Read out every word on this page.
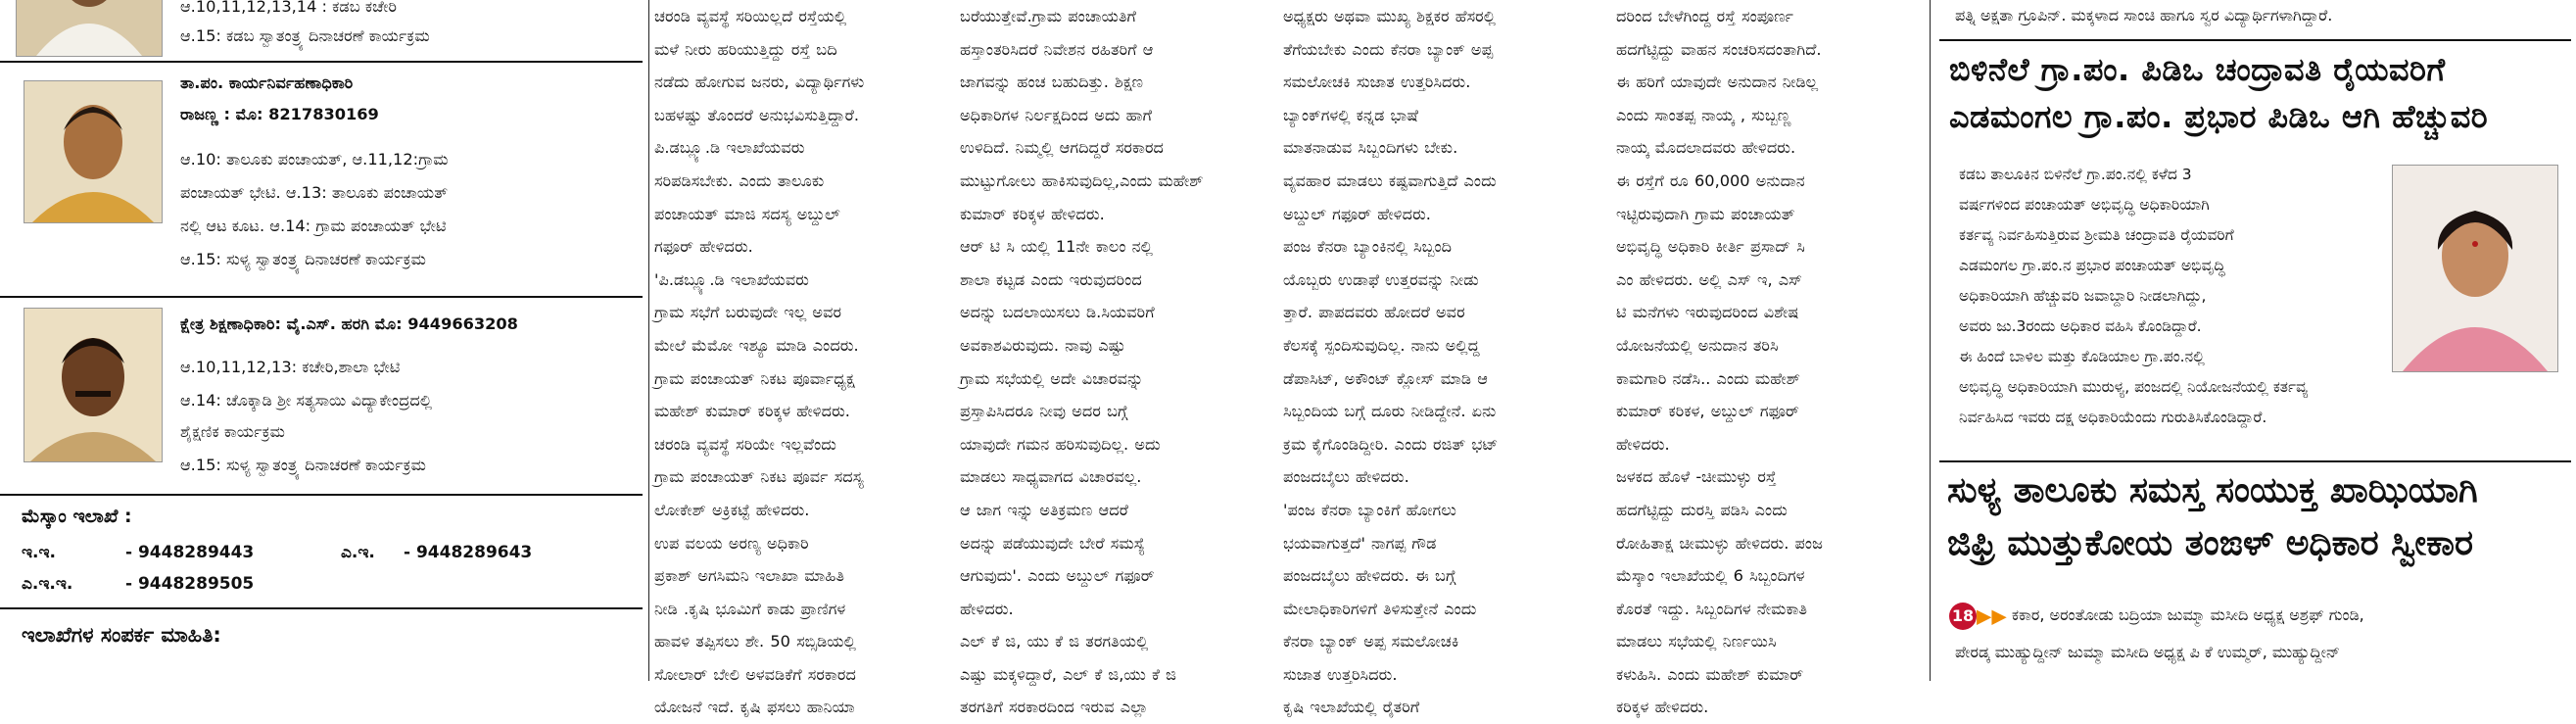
ಆ.10,11,12,13,14 : ಕಡಬ ಕಚೇರಿ
ಆ.15: ಕಡಬ ಸ್ವಾತಂತ್ರ್ಯ ದಿನಾಚರಣೆ ಕಾರ್ಯಕ್ರಮ
ತಾ.ಪಂ. ಕಾರ್ಯನಿರ್ವಹಣಾಧಿಕಾರಿ
ರಾಜಣ್ಣ : ಮೊ: 8217830169
ಆ.10: ತಾಲೂಕು ಪಂಚಾಯತ್, ಆ.11,12:ಗ್ರಾಮ
ಪಂಚಾಯತ್ ಭೇಟಿ. ಆ.13: ತಾಲೂಕು ಪಂಚಾಯತ್
ನಲ್ಲಿ ಆಟ ಕೂಟ. ಆ.14: ಗ್ರಾಮ ಪಂಚಾಯತ್ ಭೇಟಿ
ಆ.15: ಸುಳ್ಯ ಸ್ವಾತಂತ್ರ್ಯ ದಿನಾಚರಣೆ ಕಾರ್ಯಕ್ರಮ
ಕ್ಷೇತ್ರ ಶಿಕ್ಷಣಾಧಿಕಾರಿ: ವೈ.ಎಸ್. ಹರಗಿ ಮೊ: 9449663208
ಆ.10,11,12,13: ಕಚೇರಿ,ಶಾಲಾ ಭೇಟಿ
ಆ.14: ಚೊಕ್ಕಾಡಿ ಶ್ರೀ ಸತ್ಯಸಾಯಿ ವಿದ್ಯಾಕೇಂದ್ರದಲ್ಲಿ
ಶೈಕ್ಷಣಿಕ ಕಾರ್ಯಕ್ರಮ
ಆ.15: ಸುಳ್ಯ ಸ್ವಾತಂತ್ರ್ಯ ದಿನಾಚರಣೆ ಕಾರ್ಯಕ್ರಮ
ಮೆಸ್ಕಾಂ ಇಲಾಖೆ :
ಇ.ಇ.	- 9448289443	ಎ.ಇ. - 9448289643
ಎ.ಇ.ಇ.	- 9448289505
ಇಲಾಖೆಗಳ ಸಂಪರ್ಕ ಮಾಹಿತಿ:
ಚರಂಡಿ ವ್ಯವಸ್ಥೆ ಸರಿಯಿಲ್ಲದೆ ರಸ್ತೆಯಲ್ಲಿ
ಮಳೆ ನೀರು ಹರಿಯುತ್ತಿದ್ದು ರಸ್ತೆ ಬದಿ
ನಡೆದು ಹೋಗುವ ಜನರು, ವಿದ್ಯಾರ್ಥಿಗಳು
ಬಹಳಷ್ಟು ತೊಂದರೆ ಅನುಭವಿಸುತ್ತಿದ್ದಾರೆ.
ಪಿ.ಡಬ್ಲ್ಯೂ.ಡಿ ಇಲಾಖೆಯವರು
ಸರಿಪಡಿಸಬೇಕು. ಎಂದು ತಾಲೂಕು
ಪಂಚಾಯತ್ ಮಾಜಿ ಸದಸ್ಯ ಅಬ್ದುಲ್
ಗಫೂರ್ ಹೇಳಿದರು.
'ಪಿ.ಡಬ್ಲ್ಯೂ.ಡಿ ಇಲಾಖೆಯವರು
ಗ್ರಾಮ ಸಭೆಗೆ ಬರುವುದೇ ಇಲ್ಲ ಅವರ
ಮೇಲೆ ಮೆಮೋ ಇಶ್ಯೂ ಮಾಡಿ ಎಂದರು.
ಗ್ರಾಮ ಪಂಚಾಯತ್ ನಿಕಟ ಪೂರ್ವಾಧ್ಯಕ್ಷ
ಮಹೇಶ್ ಕುಮಾರ್ ಕರಿಕ್ಕಳ ಹೇಳಿದರು.
ಚರಂಡಿ ವ್ಯವಸ್ಥೆ ಸರಿಯೇ ಇಲ್ಲವೆಂದು
ಗ್ರಾಮ ಪಂಚಾಯತ್ ನಿಕಟ ಪೂರ್ವ ಸದಸ್ಯ
ಲೋಕೇಶ್ ಅಕ್ರಿಕಟ್ಟೆ ಹೇಳಿದರು.
ಉಪ ವಲಯ ಅರಣ್ಯ ಅಧಿಕಾರಿ
ಪ್ರಕಾಶ್ ಅಗಸಿಮನಿ ಇಲಾಖಾ ಮಾಹಿತಿ
ನೀಡಿ .ಕೃಷಿ ಭೂಮಿಗೆ ಕಾಡು ಪ್ರಾಣಿಗಳ
ಹಾವಳಿ ತಪ್ಪಿಸಲು ಶೇ. 50 ಸಬ್ಸಿಡಿಯಲ್ಲಿ
ಸೋಲಾರ್ ಬೇಲಿ ಅಳವಡಿಕೆಗೆ ಸರಕಾರದ
ಯೋಜನೆ ಇದೆ. ಕೃಷಿ ಫಸಲು ಹಾನಿಯಾ
ಬರೆಯುತ್ತೇವೆ.ಗ್ರಾಮ ಪಂಚಾಯತಿಗೆ
ಹಸ್ತಾಂತರಿಸಿದರೆ ನಿವೇಶನ ರಹಿತರಿಗೆ ಆ
ಜಾಗವನ್ನು ಹಂಚ ಬಹುದಿತ್ತು. ಶಿಕ್ಷಣ
ಅಧಿಕಾರಿಗಳ ನಿರ್ಲಕ್ಷದಿಂದ ಅದು ಹಾಗೆ
ಉಳಿದಿದೆ. ನಿಮ್ಮಲ್ಲಿ ಆಗದಿದ್ದರೆ ಸರಕಾರದ
ಮುಟ್ಟುಗೋಲು ಹಾಕಿಸುವುದಿಲ್ಲ,ಎಂದು ಮಹೇಶ್
ಕುಮಾರ್ ಕರಿಕ್ಕಳ ಹೇಳಿದರು.
ಆರ್ ಟಿ ಸಿ ಯಲ್ಲಿ 11ನೇ ಕಾಲಂ ನಲ್ಲಿ
ಶಾಲಾ ಕಟ್ಟಡ ಎಂದು ಇರುವುದರಿಂದ
ಅದನ್ನು ಬದಲಾಯಿಸಲು ಡಿ.ಸಿಯವರಿಗೆ
ಅವಕಾಶವಿರುವುದು. ನಾವು ಎಷ್ಟು
ಗ್ರಾಮ ಸಭೆಯಲ್ಲಿ ಅದೇ ವಿಚಾರವನ್ನು
ಪ್ರಸ್ತಾಪಿಸಿದರೂ ನೀವು ಅದರ ಬಗ್ಗೆ
ಯಾವುದೇ ಗಮನ ಹರಿಸುವುದಿಲ್ಲ. ಅದು
ಮಾಡಲು ಸಾಧ್ಯವಾಗದ ವಿಚಾರವಲ್ಲ.
ಆ ಜಾಗ ಇನ್ನು ಅತಿಕ್ರಮಣ ಆದರೆ
ಅದನ್ನು ಪಡೆಯುವುದೇ ಬೇರೆ ಸಮಸ್ಯೆ
ಆಗುವುದು'. ಎಂದು ಅಬ್ದುಲ್ ಗಫೂರ್
ಹೇಳಿದರು.
ಎಲ್ ಕೆ ಜಿ, ಯು ಕೆ ಜಿ ತರಗತಿಯಲ್ಲಿ
ಎಷ್ಟು ಮಕ್ಕಳಿದ್ದಾರೆ, ಎಲ್ ಕೆ ಜಿ,ಯು ಕೆ ಜಿ
ತರಗತಿಗೆ ಸರಕಾರದಿಂದ ಇರುವ ಎಲ್ಲಾ
ಅಧ್ಯಕ್ಷರು ಅಥವಾ ಮುಖ್ಯ ಶಿಕ್ಷಕರ ಹೆಸರಲ್ಲಿ
ತೆಗೆಯಬೇಕು ಎಂದು ಕೆನರಾ ಬ್ಯಾಂಕ್ ಅಪ್ಪ
ಸಮಲೋಚಕಿ ಸುಜಾತ ಉತ್ತರಿಸಿದರು.
ಬ್ಯಾಂಕ್‌ಗಳಲ್ಲಿ ಕನ್ನಡ ಭಾಷೆ
ಮಾತನಾಡುವ ಸಿಬ್ಬಂದಿಗಳು ಬೇಕು.
ವ್ಯವಹಾರ ಮಾಡಲು ಕಷ್ಟವಾಗುತ್ತಿದೆ ಎಂದು
ಅಬ್ದುಲ್ ಗಫೂರ್ ಹೇಳಿದರು.
ಪಂಜ ಕೆನರಾ ಬ್ಯಾಂಕಿನಲ್ಲಿ ಸಿಬ್ಬಂದಿ
ಯೊಬ್ಬರು ಉಡಾಫೆ ಉತ್ತರವನ್ನು ನೀಡು
ತ್ತಾರೆ. ಪಾಪದವರು ಹೋದರೆ ಅವರ
ಕೆಲಸಕ್ಕೆ ಸ್ಪಂದಿಸುವುದಿಲ್ಲ. ನಾನು ಅಲ್ಲಿದ್ದ
ಡೆಪಾಸಿಟ್, ಅಕೌಂಟ್ ಕ್ಲೋಸ್ ಮಾಡಿ ಆ
ಸಿಬ್ಬಂದಿಯ ಬಗ್ಗೆ ದೂರು ನೀಡಿದ್ದೇನೆ. ಏನು
ಕ್ರಮ ಕೈಗೊಂಡಿದ್ದೀರಿ. ಎಂದು ರಜಿತ್ ಭಟ್
ಪಂಜದಬೈಲು ಹೇಳಿದರು.
'ಪಂಜ ಕೆನರಾ ಬ್ಯಾಂಕಿಗೆ ಹೋಗಲು
ಭಯವಾಗುತ್ತದೆ' ನಾಗಪ್ಪ ಗೌಡ
ಪಂಜದಬೈಲು ಹೇಳಿದರು. ಈ ಬಗ್ಗೆ
ಮೇಲಾಧಿಕಾರಿಗಳಿಗೆ ತಿಳಿಸುತ್ತೇನೆ ಎಂದು
ಕೆನರಾ ಬ್ಯಾಂಕ್ ಅಪ್ಪ ಸಮಲೋಚಕಿ
ಸುಜಾತ ಉತ್ತರಿಸಿದರು.
ಕೃಷಿ ಇಲಾಖೆಯಲ್ಲಿ ರೈತರಿಗೆ
ದರಿಂದ ಬೇಳೆಗಿಂದ್ದ ರಸ್ತೆ ಸಂಪೂರ್ಣ
ಹದಗೆಟ್ಟಿದ್ದು ವಾಹನ ಸಂಚರಿಸದಂತಾಗಿದೆ.
ಈ ಹರಿಗೆ ಯಾವುದೇ ಅನುದಾನ ನೀಡಿಲ್ಲ
ಎಂದು ಸಾಂತಪ್ಪ ನಾಯ್ಕ , ಸುಬ್ಬಣ್ಣ
ನಾಯ್ಕ ಮೊದಲಾದವರು ಹೇಳಿದರು.
ಈ ರಸ್ತೆಗೆ ರೂ 60,000 ಅನುದಾನ
ಇಟ್ಟಿರುವುದಾಗಿ ಗ್ರಾಮ ಪಂಚಾಯತ್
ಅಭಿವೃದ್ಧಿ ಅಧಿಕಾರಿ ಕೀರ್ತಿ ಪ್ರಸಾದ್ ಸಿ
ಎಂ ಹೇಳಿದರು. ಅಲ್ಲಿ ಎಸ್ ಇ, ಎಸ್
ಟಿ ಮನೆಗಳು ಇರುವುದರಿಂದ ವಿಶೇಷ
ಯೋಜನೆಯಲ್ಲಿ ಅನುದಾನ ತರಿಸಿ
ಕಾಮಗಾರಿ ನಡೆಸಿ.. ಎಂದು ಮಹೇಶ್
ಕುಮಾರ್ ಕರಿಕಳ, ಅಬ್ದುಲ್ ಗಫೂರ್
ಹೇಳಿದರು.
ಜಳಕದ ಹೊಳೆ -ಚೀಮುಳ್ಳು ರಸ್ತೆ
ಹದಗೆಟ್ಟಿದ್ದು ದುರಸ್ತಿ ಪಡಿಸಿ ಎಂದು
ರೋಹಿತಾಕ್ಷ ಚೀಮುಳ್ಳು ಹೇಳಿದರು. ಪಂಜ
ಮೆಸ್ಕಾಂ ಇಲಾಖೆಯಲ್ಲಿ 6 ಸಿಬ್ಬಂದಿಗಳ
ಕೊರತೆ ಇದ್ದು. ಸಿಬ್ಬಂದಿಗಳ ನೇಮಕಾತಿ
ಮಾಡಲು ಸಭೆಯಲ್ಲಿ ನಿರ್ಣಯಿಸಿ
ಕಳುಹಿಸಿ. ಎಂದು ಮಹೇಶ್ ಕುಮಾರ್
ಕರಿಕ್ಕಳ ಹೇಳಿದರು.
ಪತ್ನಿ ಅಕ್ಷತಾ ಗ್ರೂಪಿನ್. ಮಕ್ಕಳಾದ ಸಾಂಚಿ ಹಾಗೂ ಸ್ವರ ವಿದ್ಯಾರ್ಥಿಗಳಾಗಿದ್ದಾರೆ.
ಬಿಳಿನೆಲೆ ಗ್ರಾ.ಪಂ. ಪಿಡಿಒ ಚಂದ್ರಾವತಿ ರೈಯವರಿಗೆ
ಎಡಮಂಗಲ ಗ್ರಾ.ಪಂ. ಪ್ರಭಾರ ಪಿಡಿಒ ಆಗಿ ಹೆಚ್ಚುವರಿ
ಕಡಬ ತಾಲೂಕಿನ ಬಿಳಿನೆಲೆ ಗ್ರಾ.ಪಂ.ನಲ್ಲಿ ಕಳೆದ 3
ವರ್ಷಗಳಿಂದ ಪಂಚಾಯತ್ ಅಭಿವೃದ್ಧಿ ಅಧಿಕಾರಿಯಾಗಿ
ಕರ್ತವ್ಯ ನಿರ್ವಹಿಸುತ್ತಿರುವ ಶ್ರೀಮತಿ ಚಂದ್ರಾವತಿ ರೈಯವರಿಗೆ
ಎಡಮಂಗಲ ಗ್ರಾ.ಪಂ.ನ ಪ್ರಭಾರ ಪಂಚಾಯತ್ ಅಭಿವೃದ್ಧಿ
ಅಧಿಕಾರಿಯಾಗಿ ಹೆಚ್ಚುವರಿ ಜವಾಬ್ದಾರಿ ನೀಡಲಾಗಿದ್ದು,
ಅವರು ಜು.3ರಂದು ಅಧಿಕಾರ ವಹಿಸಿ ಕೊಂಡಿದ್ದಾರೆ.
ಈ ಹಿಂದೆ ಬಾಳಿಲ ಮತ್ತು ಕೊಡಿಯಾಲ ಗ್ರಾ.ಪಂ.ನಲ್ಲಿ
ಅಭಿವೃದ್ಧಿ ಅಧಿಕಾರಿಯಾಗಿ ಮುರುಳ್ಯ, ಪಂಜದಲ್ಲಿ ನಿಯೋಜನೆಯಲ್ಲಿ ಕರ್ತವ್ಯ
ನಿರ್ವಹಿಸಿದ ಇವರು ದಕ್ಷ ಅಧಿಕಾರಿಯೆಂದು ಗುರುತಿಸಿಕೊಂಡಿದ್ದಾರೆ.
ಸುಳ್ಯ ತಾಲೂಕು ಸಮಸ್ತ ಸಂಯುಕ್ತ ಖಾಝಿಯಾಗಿ
ಜಿಫ್ರಿ ಮುತ್ತುಕೋಯ ತಂಙಳ್ ಅಧಿಕಾರ ಸ್ವೀಕಾರ
18 ▶▶ ಕಕಾರ, ಅರಂತೋಡು ಬದ್ರಿಯಾ ಜುಮ್ಮಾ ಮಸೀದಿ ಅಧ್ಯಕ್ಷ ಅಶ್ರಫ್ ಗುಂಡಿ,
ಪೇರಡ್ಕ ಮುಹ್ಯುದ್ದೀನ್ ಜುಮ್ಮಾ ಮಸೀದಿ ಅಧ್ಯಕ್ಷ ಪಿ ಕೆ ಉಮ್ಮರ್, ಮುಹ್ಯುದ್ದೀನ್
